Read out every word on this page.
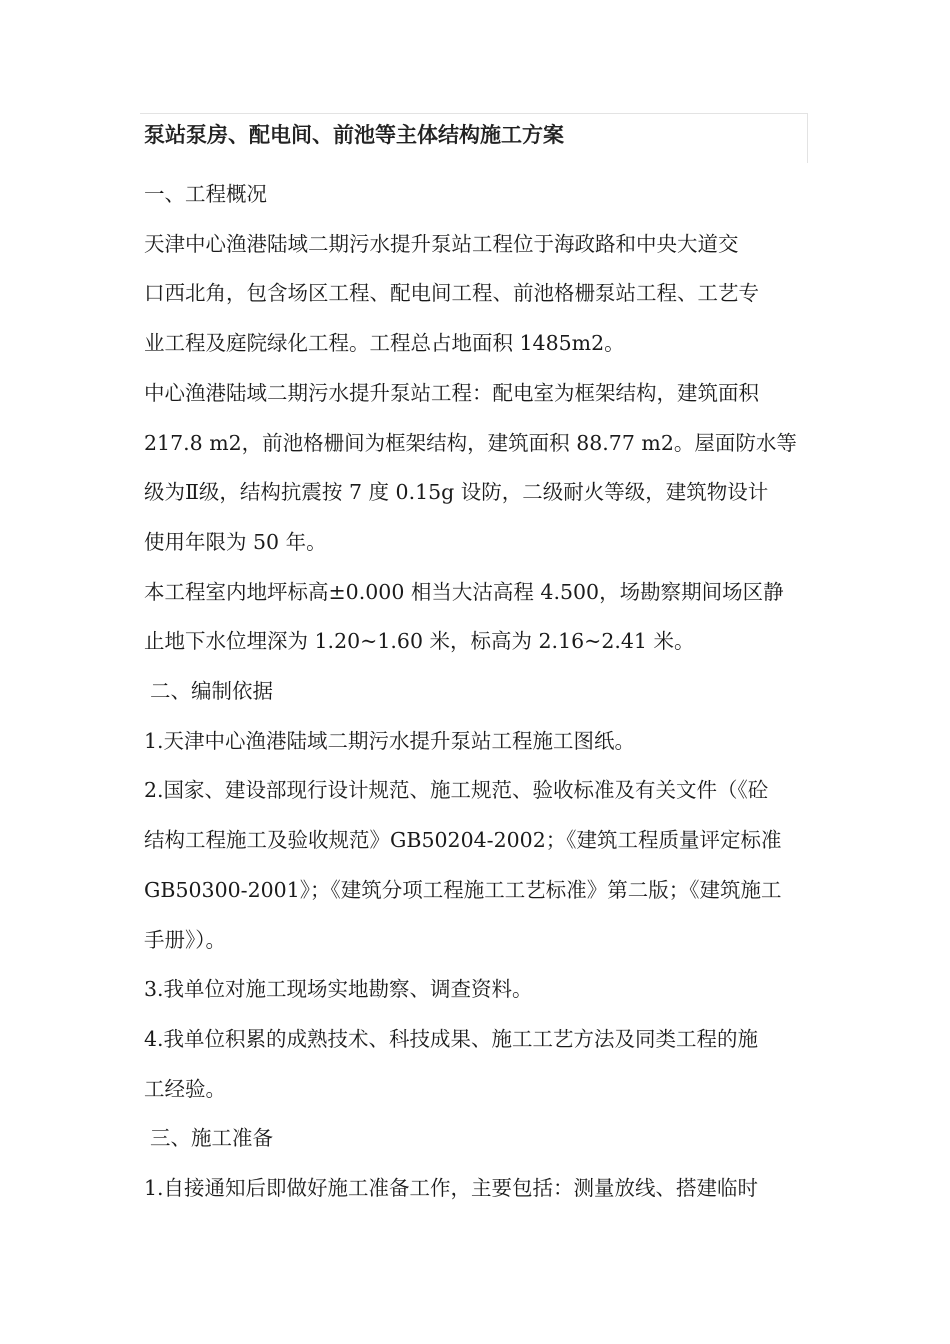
泵站泵房、配电间、前池等主体结构施工方案

一、工程概况

天津中心渔港陆域二期污水提升泵站工程位于海政路和中央大道交

口西北角，包含场区工程、配电间工程、前池格栅泵站工程、工艺专

业工程及庭院绿化工程。工程总占地面积 1485m2。

中心渔港陆域二期污水提升泵站工程：配电室为框架结构，建筑面积

217.8 m2，前池格栅间为框架结构，建筑面积 88.77 m2。屋面防水等

级为Ⅱ级，结构抗震按 7 度 0.15g 设防，二级耐火等级，建筑物设计

使用年限为 50 年。

本工程室内地坪标高±0.000 相当大沽高程 4.500，场勘察期间场区静

止地下水位埋深为 1.20~1.60 米，标高为 2.16~2.41 米。

二、编制依据

1.天津中心渔港陆域二期污水提升泵站工程施工图纸。

2.国家、建设部现行设计规范、施工规范、验收标准及有关文件（《砼

结构工程施工及验收规范》GB50204-2002；《建筑工程质量评定标准

GB50300-2001》；《建筑分项工程施工工艺标准》第二版；《建筑施工

手册》）。

3.我单位对施工现场实地勘察、调查资料。

4.我单位积累的成熟技术、科技成果、施工工艺方法及同类工程的施

工经验。

三、施工准备

1.自接通知后即做好施工准备工作，主要包括：测量放线、搭建临时
